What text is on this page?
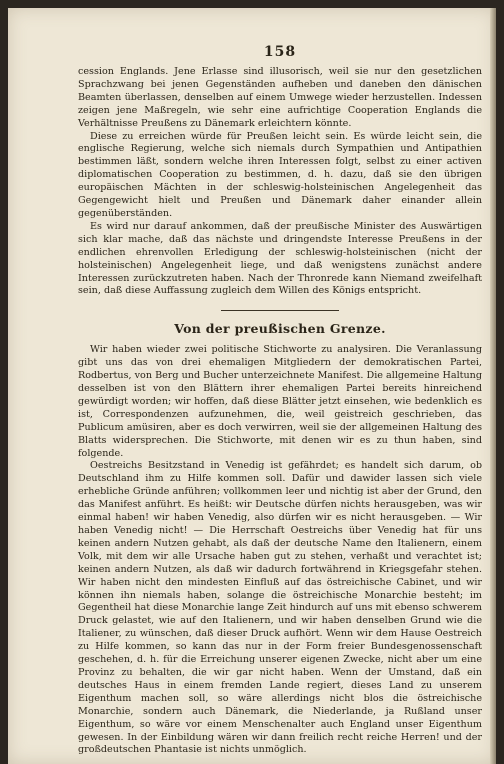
158

cession Englands. Jene Erlasse sind illusorisch, weil sie nur den gesetzlichen Sprachzwang bei jenen Gegenständen aufheben und daneben den dänischen Beamten überlassen, denselben auf einem Umwege wieder herzustellen. Indessen zeigen jene Maßregeln, wie sehr eine aufrichtige Cooperation Englands die Verhältnisse Preußens zu Dänemark erleichtern könnte.

Diese zu erreichen würde für Preußen leicht sein. Es würde leicht sein, die englische Regierung, welche sich niemals durch Sympathien und Antipathien bestimmen läßt, sondern welche ihren Interessen folgt, selbst zu einer activen diplomatischen Cooperation zu bestimmen, d. h. dazu, daß sie den übrigen europäischen Mächten in der schleswig-holsteinischen Angelegenheit das Gegengewicht hielt und Preußen und Dänemark daher einander allein gegenüberständen.

Es wird nur darauf ankommen, daß der preußische Minister des Auswärtigen sich klar mache, daß das nächste und dringendste Interesse Preußens in der endlichen ehrenvollen Erledigung der schleswig-holsteinischen (nicht der holsteinischen) Angelegenheit liege, und daß wenigstens zunächst andere Interessen zurückzutreten haben. Nach der Thronrede kann Niemand zweifelhaft sein, daß diese Auffassung zugleich dem Willen des Königs entspricht.

Von der preußischen Grenze.

Wir haben wieder zwei politische Stichworte zu analysiren. Die Veranlassung gibt uns das von drei ehemaligen Mitgliedern der demokratischen Partei, Rodbertus, von Berg und Bucher unterzeichnete Manifest. Die allgemeine Haltung desselben ist von den Blättern ihrer ehemaligen Partei bereits hinreichend gewürdigt worden; wir hoffen, daß diese Blätter jetzt einsehen, wie bedenklich es ist, Correspondenzen aufzunehmen, die, weil geistreich geschrieben, das Publicum amüsiren, aber es doch verwirren, weil sie der allgemeinen Haltung des Blatts widersprechen. Die Stichworte, mit denen wir es zu thun haben, sind folgende.

Oestreichs Besitzstand in Venedig ist gefährdet; es handelt sich darum, ob Deutschland ihm zu Hilfe kommen soll. Dafür und dawider lassen sich viele erhebliche Gründe anführen; vollkommen leer und nichtig ist aber der Grund, den das Manifest anführt. Es heißt: wir Deutsche dürfen nichts herausgeben, was wir einmal haben! wir haben Venedig, also dürfen wir es nicht herausgeben. — Wir haben Venedig nicht! — Die Herrschaft Oestreichs über Venedig hat für uns keinen andern Nutzen gehabt, als daß der deutsche Name den Italienern, einem Volk, mit dem wir alle Ursache haben gut zu stehen, verhaßt und verachtet ist; keinen andern Nutzen, als daß wir dadurch fortwährend in Kriegsgefahr stehen. Wir haben nicht den mindesten Einfluß auf das östreichische Cabinet, und wir können ihn niemals haben, solange die östreichische Monarchie besteht; im Gegentheil hat diese Monarchie lange Zeit hindurch auf uns mit ebenso schwerem Druck gelastet, wie auf den Italienern, und wir haben denselben Grund wie die Italiener, zu wünschen, daß dieser Druck aufhört. Wenn wir dem Hause Oestreich zu Hilfe kommen, so kann das nur in der Form freier Bundesgenossenschaft geschehen, d. h. für die Erreichung unserer eigenen Zwecke, nicht aber um eine Provinz zu behalten, die wir gar nicht haben. Wenn der Umstand, daß ein deutsches Haus in einem fremden Lande regiert, dieses Land zu unserem Eigenthum machen soll, so wäre allerdings nicht blos die östreichische Monarchie, sondern auch Dänemark, die Niederlande, ja Rußland unser Eigenthum, so wäre vor einem Menschenalter auch England unser Eigenthum gewesen. In der Einbildung wären wir dann freilich recht reiche Herren! und der großdeutschen Phantasie ist nichts unmöglich.
